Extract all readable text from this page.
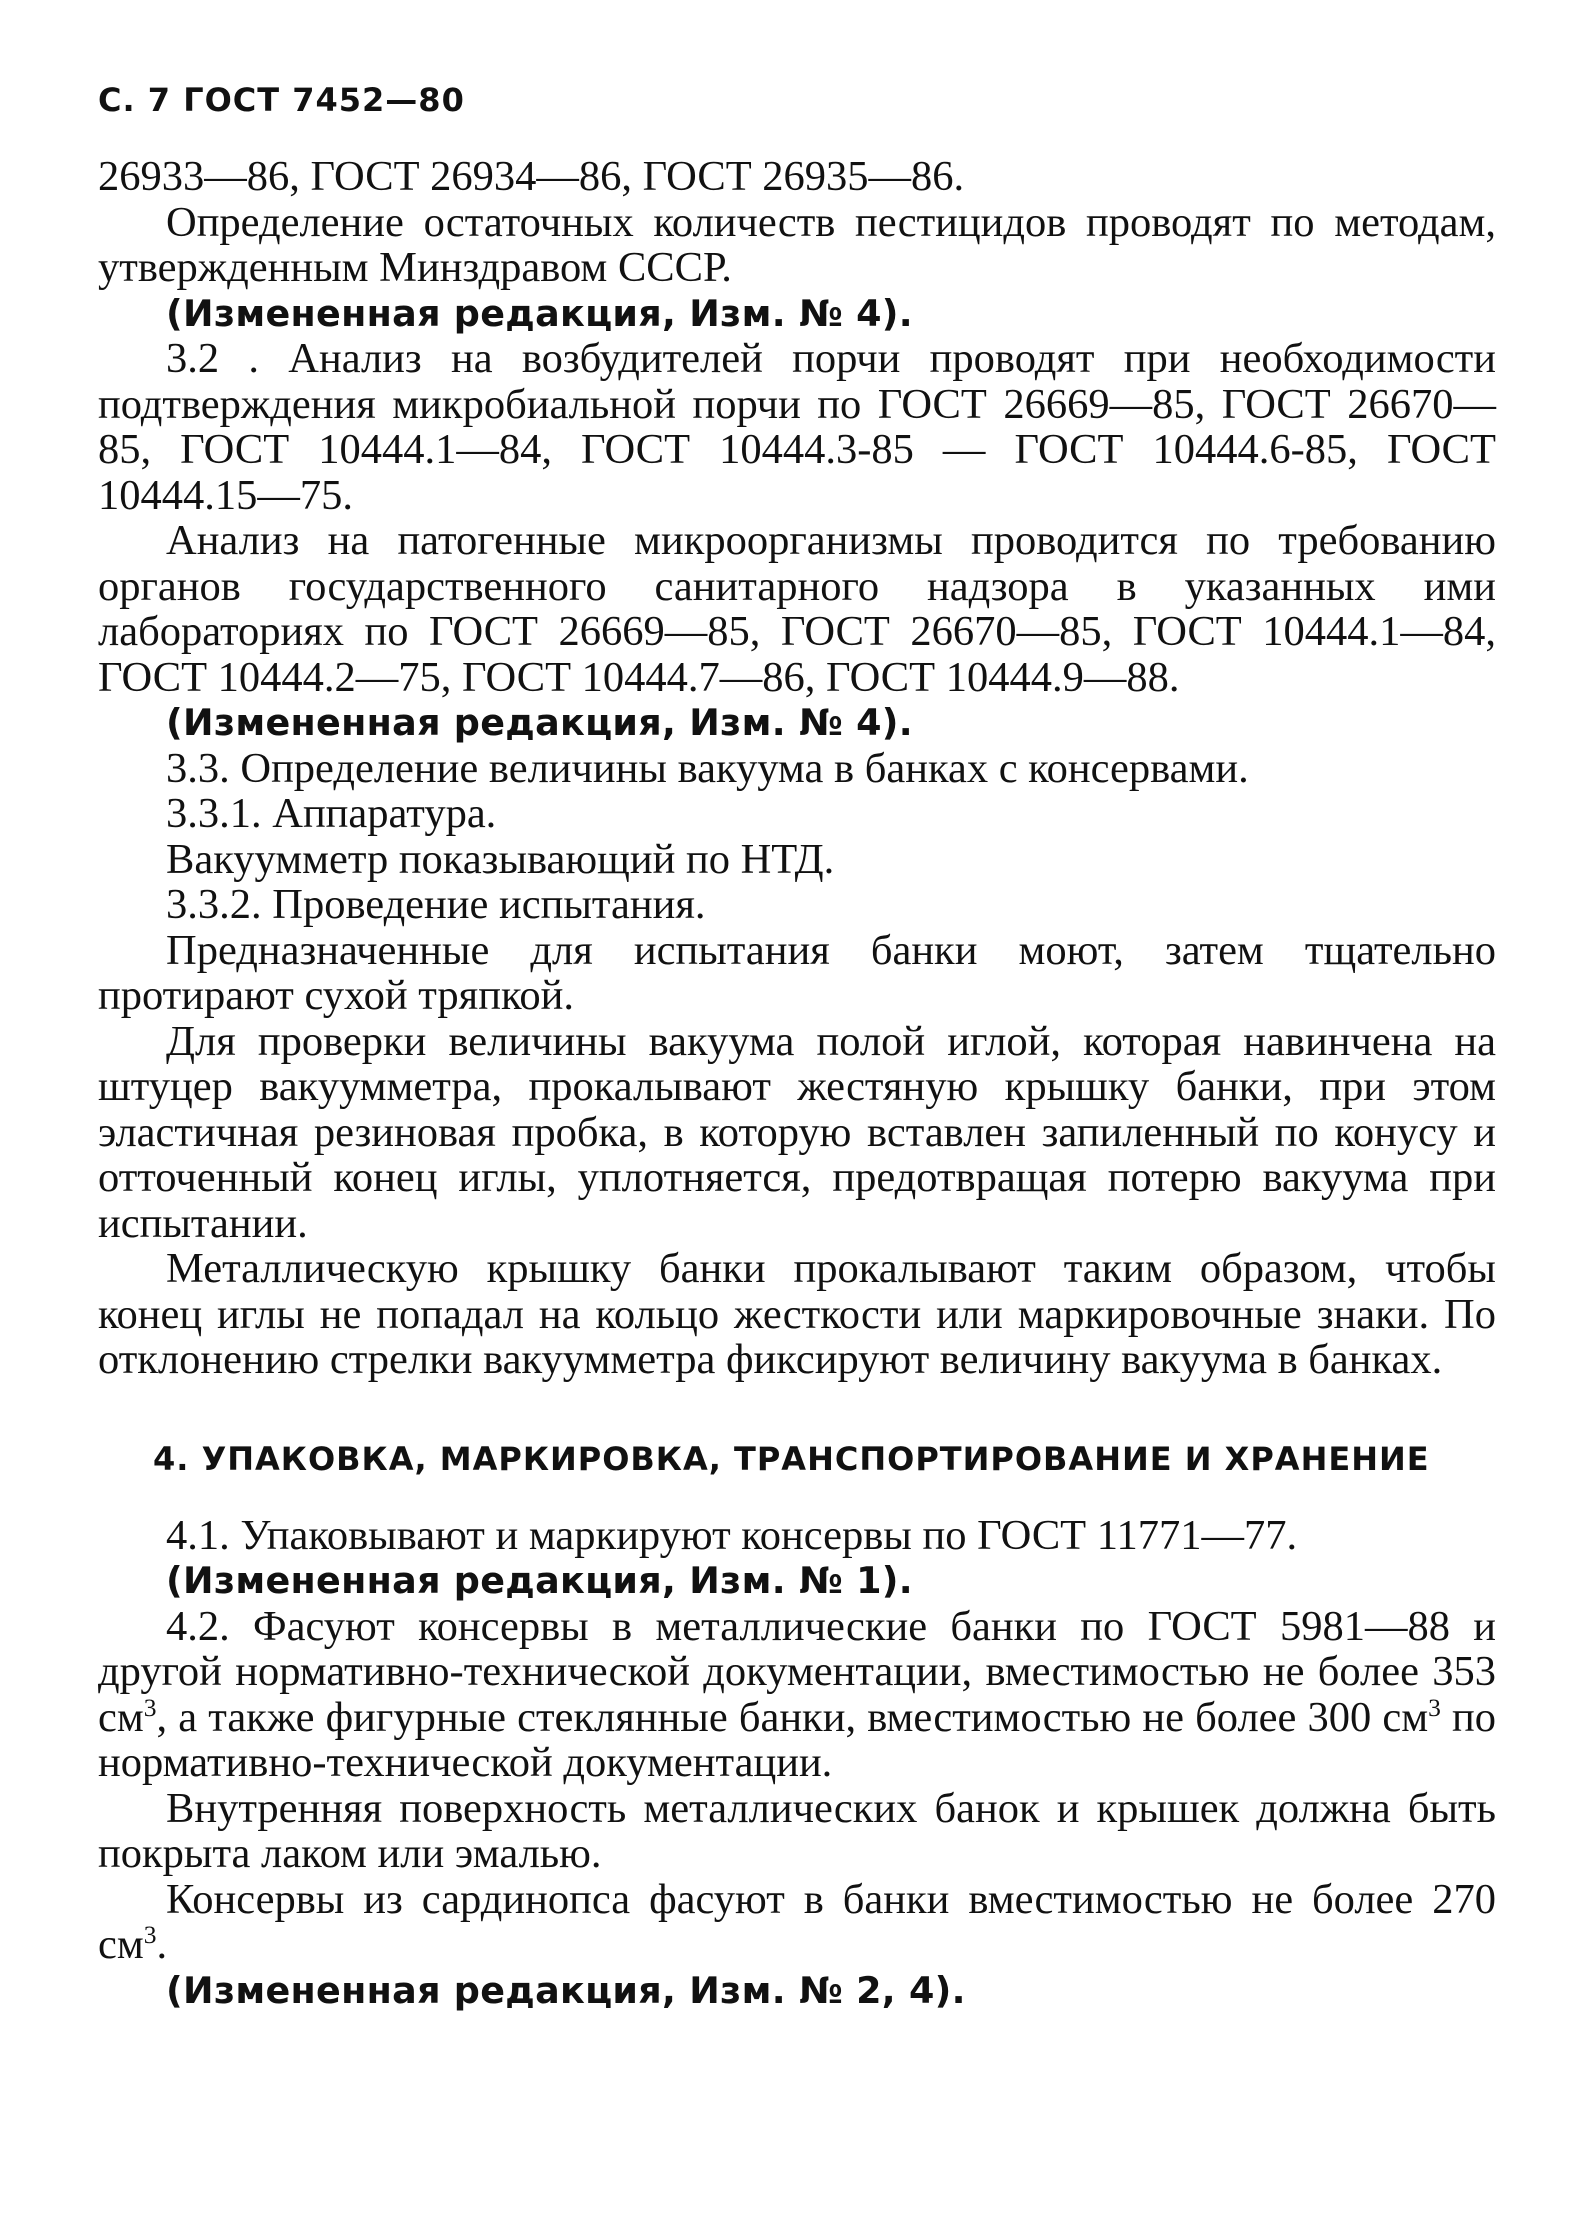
С. 7 ГОСТ 7452—80

26933—86, ГОСТ 26934—86, ГОСТ 26935—86.

Определение остаточных количеств пестицидов проводят по методам, утвержденным Минздравом СССР.

(Измененная редакция, Изм. № 4).

3.2 . Анализ на возбудителей порчи проводят при необходимости подтверждения микробиальной порчи по ГОСТ 26669—85, ГОСТ 26670—85, ГОСТ 10444.1—84, ГОСТ 10444.3-85 — ГОСТ 10444.6-85, ГОСТ 10444.15—75.

Анализ на патогенные микроорганизмы проводится по требованию органов государственного санитарного надзора в указанных ими лабораториях по ГОСТ 26669—85, ГОСТ 26670—85, ГОСТ 10444.1—84, ГОСТ 10444.2—75, ГОСТ 10444.7—86, ГОСТ 10444.9—88.

(Измененная редакция, Изм. № 4).

3.3. Определение величины вакуума в банках с консервами.

3.3.1. Аппаратура.

Вакуумметр показывающий по НТД.

3.3.2. Проведение испытания.

Предназначенные для испытания банки моют, затем тщательно протирают сухой тряпкой.

Для проверки величины вакуума полой иглой, которая навинчена на штуцер вакуумметра, прокалывают жестяную крышку банки, при этом эластичная резиновая пробка, в которую вставлен запиленный по конусу и отточенный конец иглы, уплотняется, предотвращая потерю вакуума при испытании.

Металлическую крышку банки прокалывают таким образом, чтобы конец иглы не попадал на кольцо жесткости или маркировочные знаки. По отклонению стрелки вакуумметра фиксируют величину вакуума в банках.

4. УПАКОВКА, МАРКИРОВКА, ТРАНСПОРТИРОВАНИЕ И ХРАНЕНИЕ

4.1. Упаковывают и маркируют консервы по ГОСТ 11771—77.

(Измененная редакция, Изм. № 1).

4.2. Фасуют консервы в металлические банки по ГОСТ 5981—88 и другой нормативно-технической документации, вместимостью не более 353 $см^3$, а также фигурные стеклянные банки, вместимостью не более 300 $см^3$ по нормативно-технической документации.

Внутренняя поверхность металлических банок и крышек должна быть покрыта лаком или эмалью.

Консервы из сардинопса фасуют в банки вместимостью не более 270 $см^3$.

(Измененная редакция, Изм. № 2, 4).
